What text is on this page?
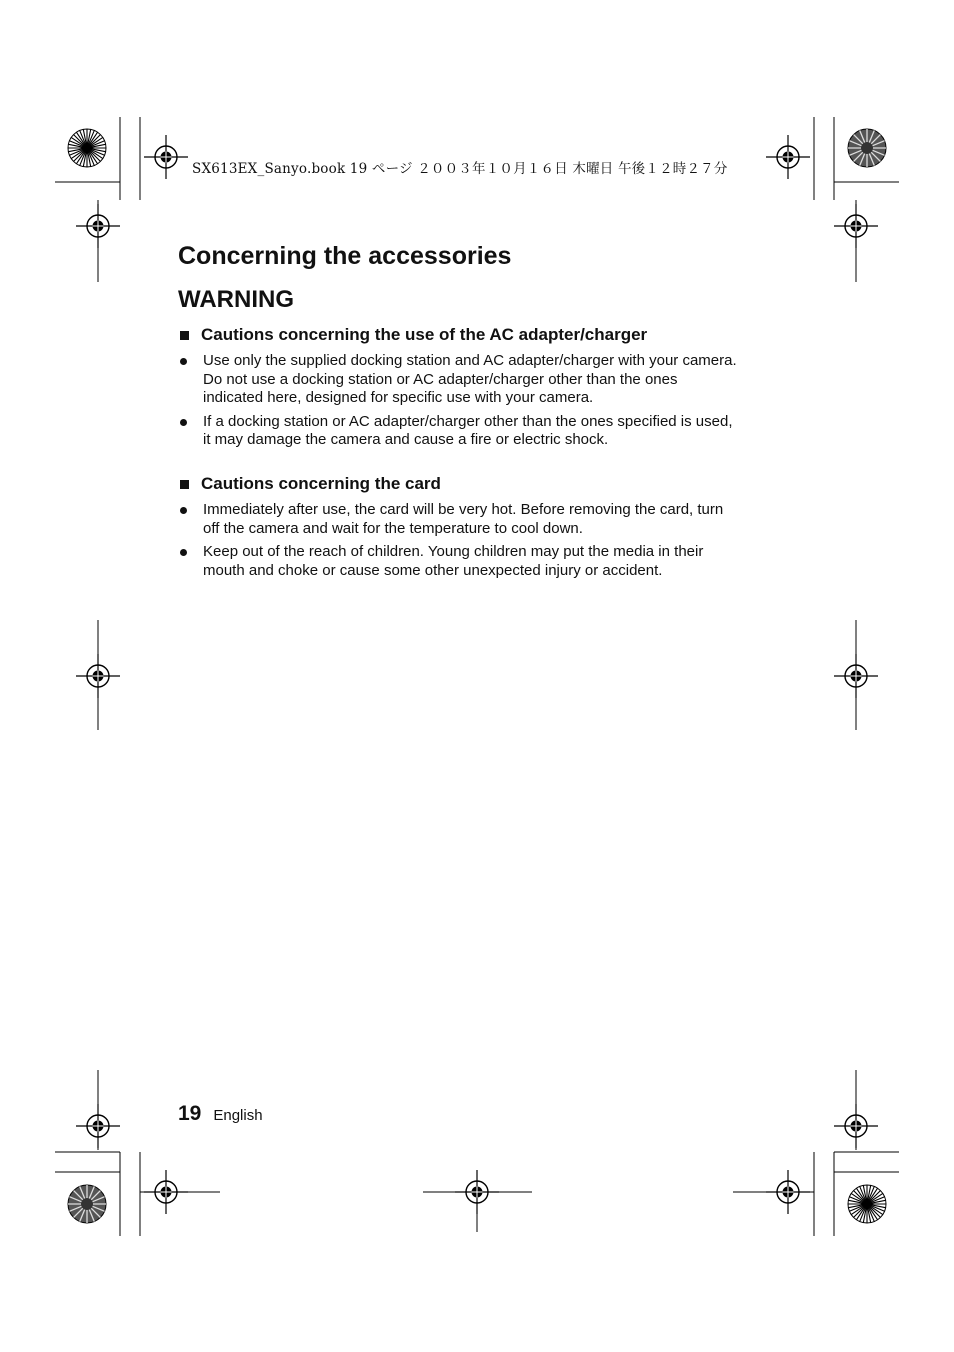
SX613EX_Sanyo.book 19 ページ ２００３年１０月１６日 木曜日 午後１２時２７分
Concerning the accessories
WARNING
Cautions concerning the use of the AC adapter/charger
Use only the supplied docking station and AC adapter/charger with your camera. Do not use a docking station or AC adapter/charger other than the ones indicated here, designed for specific use with your camera.
If a docking station or AC adapter/charger other than the ones specified is used, it may damage the camera and cause a fire or electric shock.
Cautions concerning the card
Immediately after use, the card will be very hot. Before removing the card, turn off the camera and wait for the temperature to cool down.
Keep out of the reach of children. Young children may put the media in their mouth and choke or cause some other unexpected injury or accident.
19 English
